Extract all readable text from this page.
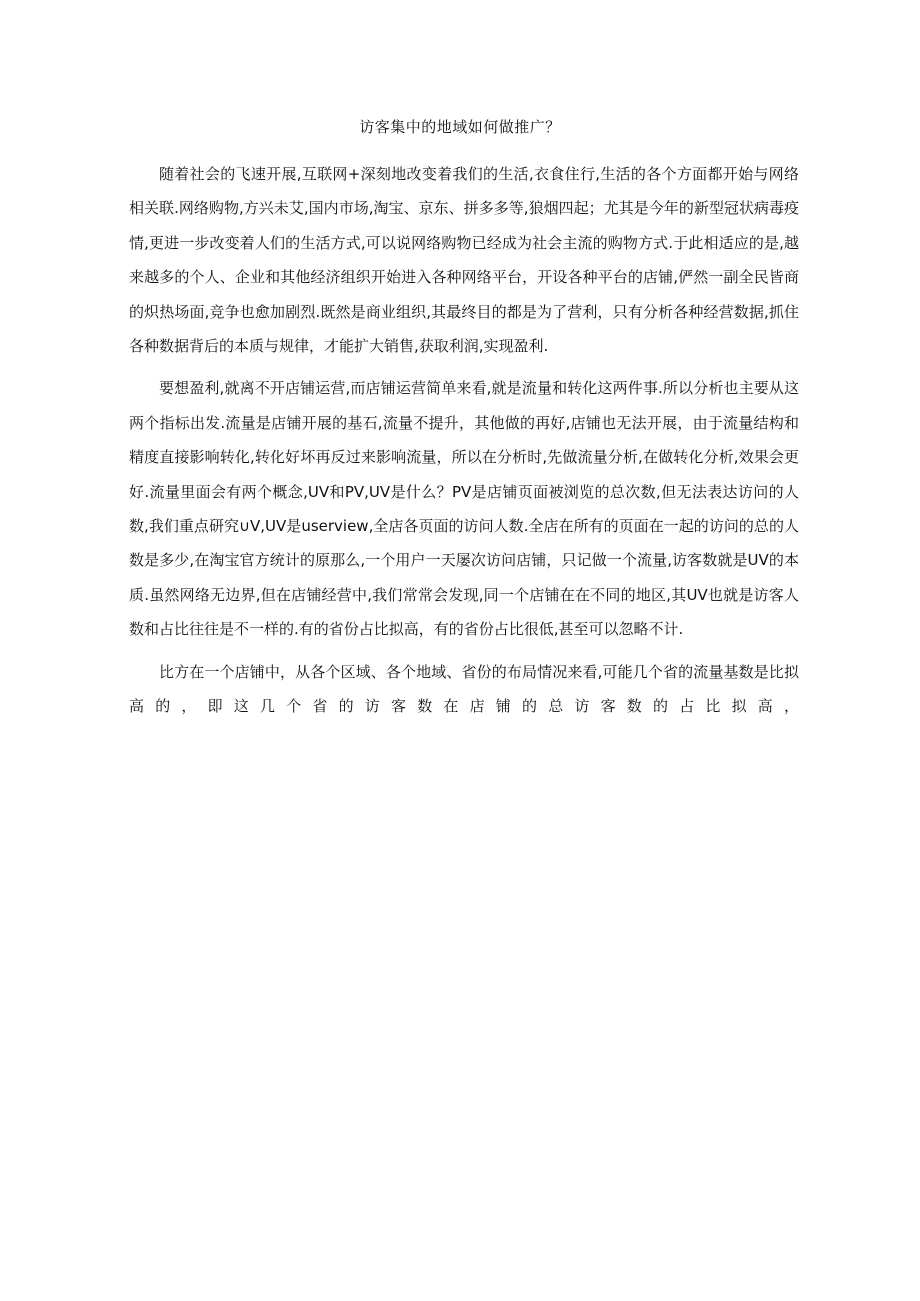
访客集中的地域如何做推广？

随着社会的飞速开展,互联网+深刻地改变着我们的生活,衣食住行,生活的各个方面都开始与网络相关联.网络购物,方兴未艾,国内市场,淘宝、京东、拼多多等,狼烟四起；尤其是今年的新型冠状病毒疫情,更进一步改变着人们的生活方式,可以说网络购物已经成为社会主流的购物方式.于此相适应的是,越来越多的个人、企业和其他经济组织开始进入各种网络平台，开设各种平台的店铺,俨然一副全民皆商的炽热场面,竞争也愈加剧烈.既然是商业组织,其最终目的都是为了营利，只有分析各种经营数据,抓住各种数据背后的本质与规律，才能扩大销售,获取利润,实现盈利.

要想盈利,就离不开店铺运营,而店铺运营简单来看,就是流量和转化这两件事.所以分析也主要从这两个指标出发.流量是店铺开展的基石,流量不提升，其他做的再好,店铺也无法开展，由于流量结构和精度直接影响转化,转化好坏再反过来影响流量，所以在分析时,先做流量分析,在做转化分析,效果会更好.流量里面会有两个概念,UV和PV,UV是什么？PV是店铺页面被浏览的总次数,但无法表达访问的人数,我们重点研究∪V,UV是userview,全店各页面的访问人数.全店在所有的页面在一起的访问的总的人数是多少,在淘宝官方统计的原那么,一个用户一天屡次访问店铺，只记做一个流量,访客数就是UV的本质.虽然网络无边界,但在店铺经营中,我们常常会发现,同一个店铺在在不同的地区,其UV也就是访客人数和占比往往是不一样的.有的省份占比拟高，有的省份占比很低,甚至可以忽略不计.

比方在一个店铺中，从各个区域、各个地域、省份的布局情况来看,可能几个省的流量基数是比拟高的，即这几个省的访客数在店铺的总访客数的占比拟高，
